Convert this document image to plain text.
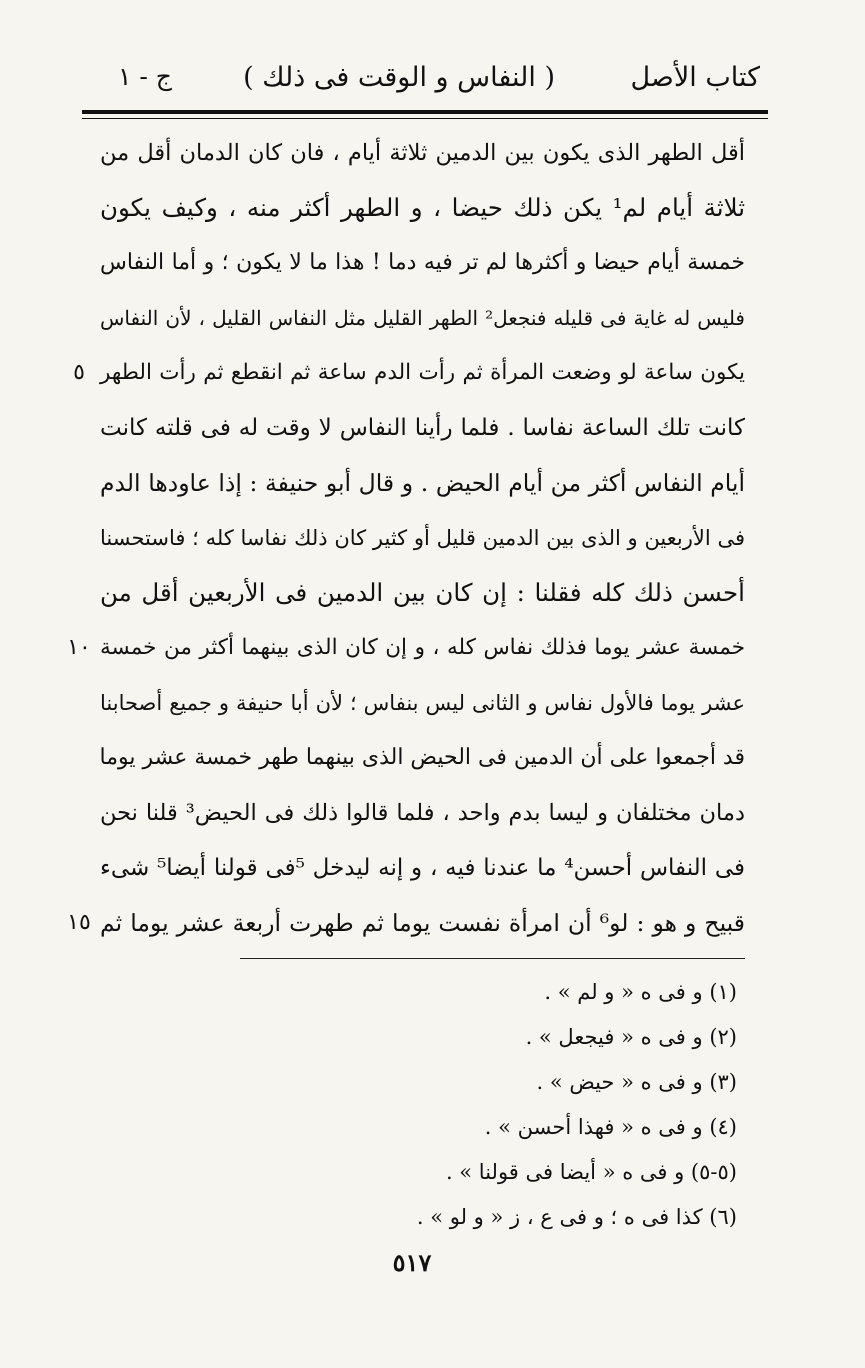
كتاب الأصل
( النفاس و الوقت فى ذلك )
ج - ١
أقل الطهر الذى يكون بين الدمين ثلاثة أيام ، فان كان الدمان أقل من
ثلاثة أيام لم¹ يكن ذلك حيضا ، و الطهر أكثر منه ، وكيف يكون
خمسة أيام حيضا و أكثرها لم تر فيه دما ! هذا ما لا يكون ؛ و أما النفاس
فليس له غاية فى قليله فنجعل² الطهر القليل مثل النفاس القليل ، لأن النفاس
يكون ساعة لو وضعت المرأة ثم رأت الدم ساعة ثم انقطع ثم رأت الطهر
كانت تلك الساعة نفاسا . فلما رأينا النفاس لا وقت له فى قلته كانت
أيام النفاس أكثر من أيام الحيض . و قال أبو حنيفة : إذا عاودها الدم
فى الأربعين و الذى بين الدمين قليل أو كثير كان ذلك نفاسا كله ؛ فاستحسنا
أحسن ذلك كله فقلنا : إن كان بين الدمين فى الأربعين أقل من
خمسة عشر يوما فذلك نفاس كله ، و إن كان الذى بينهما أكثر من خمسة
عشر يوما فالأول نفاس و الثانى ليس بنفاس ؛ لأن أبا حنيفة و جميع أصحابنا
قد أجمعوا على أن الدمين فى الحيض الذى بينهما طهر خمسة عشر يوما
دمان مختلفان و ليسا بدم واحد ، فلما قالوا ذلك فى الحيض³ قلنا نحن
فى النفاس أحسن⁴ ما عندنا فيه ، و إنه ليدخل ⁵فى قولنا أيضا⁵ شىء
قبيح و هو : لو⁶ أن امرأة نفست يوما ثم طهرت أربعة عشر يوما ثم
٥
١٠
١٥
(١) و فى ه « و لم » .
(٢) و فى ه « فيجعل » .
(٣) و فى ه « حيض » .
(٤) و فى ه « فهذا أحسن » .
(٥-٥) و فى ه « أيضا فى قولنا » .
(٦) كذا فى ه ؛ و فى ع ، ز « و لو » .
٥١٧
